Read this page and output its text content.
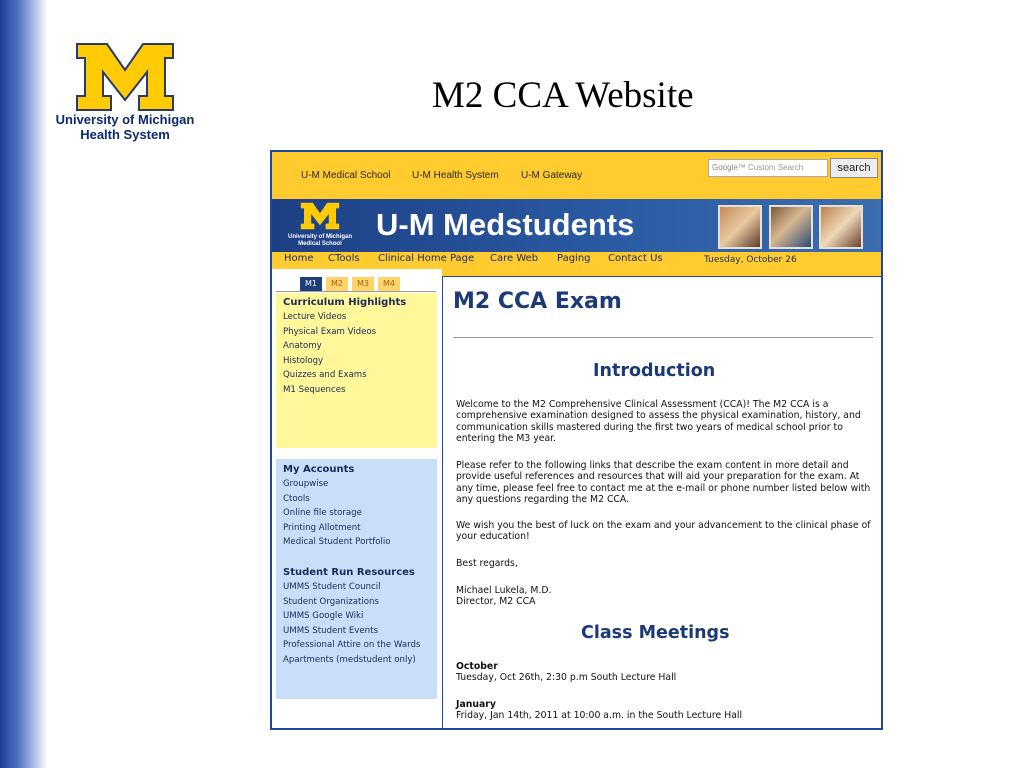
University of Michigan
Health System
M2 CCA Website
U-M Medical School U-M Health System U-M Gateway
Google™ Custom Search	search
University of Michigan
Medical School
U-M Medstudents
Home CTools Clinical Home Page Care Web Paging Contact Us	Tuesday, October 26
M1	M2	M3	M4
Curriculum Highlights
Lecture Videos
Physical Exam Videos
Anatomy
Histology
Quizzes and Exams
M1 Sequences
My Accounts
Groupwise
Ctools
Online file storage
Printing Allotment
Medical Student Portfolio
Student Run Resources
UMMS Student Council
Student Organizations
UMMS Google Wiki
UMMS Student Events
Professional Attire on the Wards
Apartments (medstudent only)
M2 CCA Exam
Introduction
Welcome to the M2 Comprehensive Clinical Assessment (CCA)! The M2 CCA is a comprehensive examination designed to assess the physical examination, history, and communication skills mastered during the first two years of medical school prior to entering the M3 year.
Please refer to the following links that describe the exam content in more detail and provide useful references and resources that will aid your preparation for the exam. At any time, please feel free to contact me at the e-mail or phone number listed below with any questions regarding the M2 CCA.
We wish you the best of luck on the exam and your advancement to the clinical phase of your education!
Best regards,
Michael Lukela, M.D.
Director, M2 CCA
Class Meetings
October
Tuesday, Oct 26th, 2:30 p.m South Lecture Hall
January
Friday, Jan 14th, 2011 at 10:00 a.m. in the South Lecture Hall
